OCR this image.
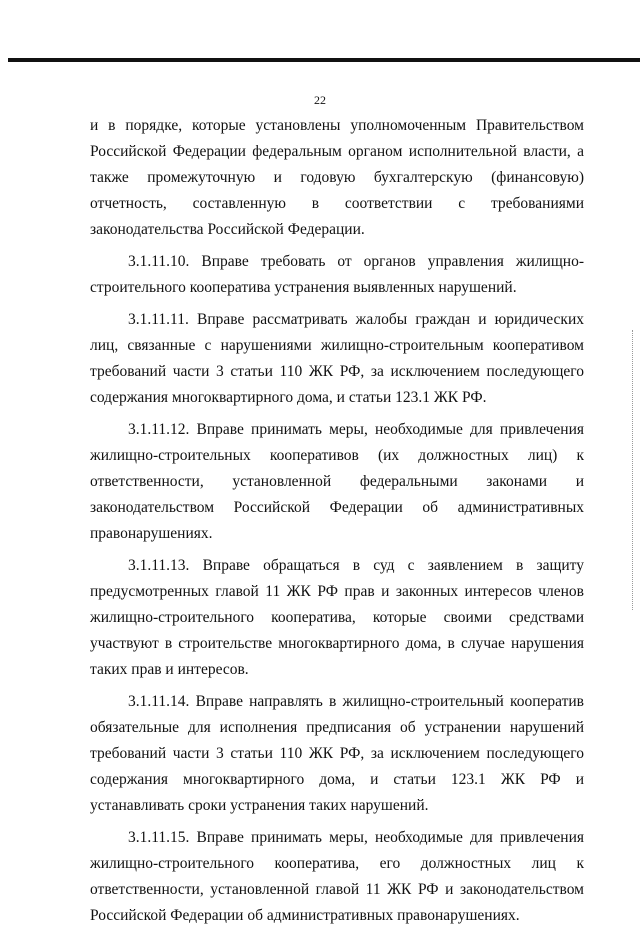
22

и в порядке, которые установлены уполномоченным Правительством Российской Федерации федеральным органом исполнительной власти, а также промежуточную и годовую бухгалтерскую (финансовую) отчетность, составленную в соответствии с требованиями законодательства Российской Федерации.

3.1.11.10. Вправе требовать от органов управления жилищно-строительного кооператива устранения выявленных нарушений.

3.1.11.11. Вправе рассматривать жалобы граждан и юридических лиц, связанные с нарушениями жилищно-строительным кооперативом требований части 3 статьи 110 ЖК РФ, за исключением последующего содержания многоквартирного дома, и статьи 123.1 ЖК РФ.

3.1.11.12. Вправе принимать меры, необходимые для привлечения жилищно-строительных кооперативов (их должностных лиц) к ответственности, установленной федеральными законами и законодательством Российской Федерации об административных правонарушениях.

3.1.11.13. Вправе обращаться в суд с заявлением в защиту предусмотренных главой 11 ЖК РФ прав и законных интересов членов жилищно-строительного кооператива, которые своими средствами участвуют в строительстве многоквартирного дома, в случае нарушения таких прав и интересов.

3.1.11.14. Вправе направлять в жилищно-строительный кооператив обязательные для исполнения предписания об устранении нарушений требований части 3 статьи 110 ЖК РФ, за исключением последующего содержания многоквартирного дома, и статьи 123.1 ЖК РФ и устанавливать сроки устранения таких нарушений.

3.1.11.15. Вправе принимать меры, необходимые для привлечения жилищно-строительного кооператива, его должностных лиц к ответственности, установленной главой 11 ЖК РФ и законодательством Российской Федерации об административных правонарушениях.
